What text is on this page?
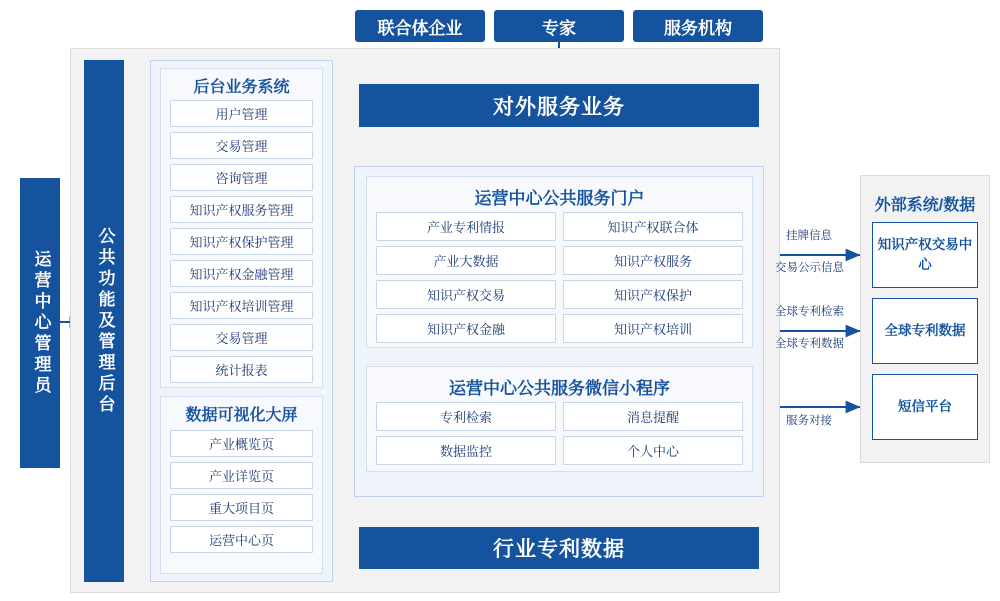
联合体企业	专家	服务机构
运营中心管理员	公共功能及管理后台
后台业务系统
用户管理
交易管理
咨询管理
知识产权服务管理
知识产权保护管理
知识产权金融管理
知识产权培训管理
交易管理
统计报表
数据可视化大屏
产业概览页
产业详览页
重大项目页
运营中心页
对外服务业务
运营中心公共服务门户
产业专利情报	知识产权联合体
产业大数据	知识产权服务
知识产权交易	知识产权保护
知识产权金融	知识产权培训
运营中心公共服务微信小程序
专利检索	消息提醒
数据监控	个人中心
行业专利数据
外部系统/数据
知识产权交易中心
全球专利数据
短信平台
挂牌信息
交易公示信息
全球专利检索
全球专利数据
服务对接
